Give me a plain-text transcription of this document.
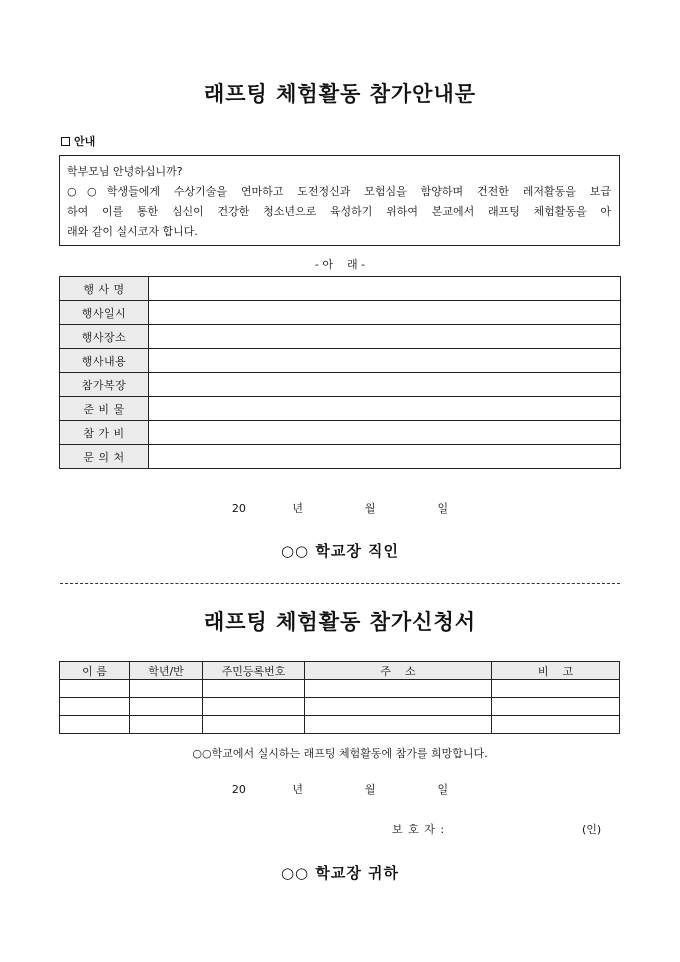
래프팅 체험활동 참가안내문
안내
학부모님 안녕하십니까?
○○학생들에게 수상기술을 연마하고 도전정신과 모험심을 함양하며 건전한 레저활동을 보급
하여 이를 통한 심신이 건강한 청소년으로 육성하기 위하여 본교에서 래프팅 체험활동을 아
래와 같이 실시코자 합니다.
- 아    래 -
행 사 명	
행사일시	
행사장소	
행사내용	
참가복장	
준 비 물	
참 가 비	
문 의 처	
20   년    월    일
○○ 학교장 직인
래프팅 체험활동 참가신청서
이 름	학년/반	주민등록번호	주    소	비    고

○○학교에서 실시하는 래프팅 체험활동에 참가를 희망합니다.
20   년    월    일
보 호 자 :	(인)
○○ 학교장 귀하
